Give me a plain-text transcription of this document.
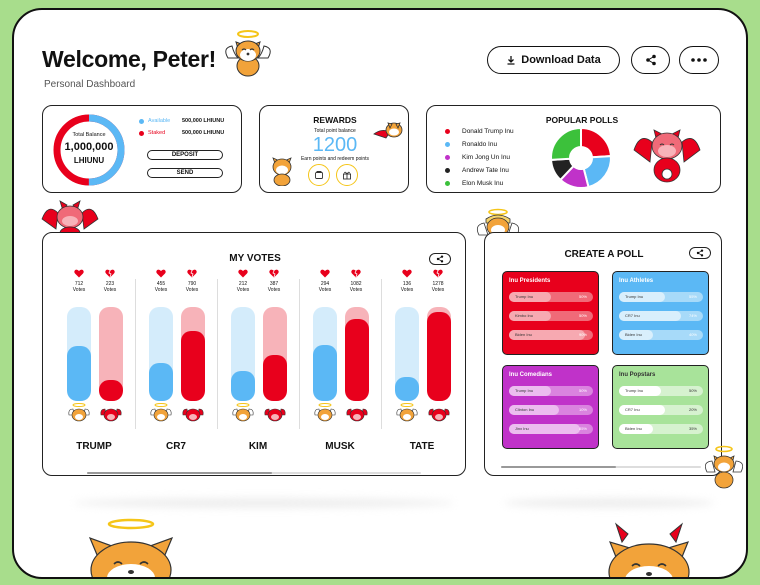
Welcome, Peter!
Personal Dashboard
Download Data
Total Balance
1,000,000
LHIUNU
Available	500,000 LHIUNU
Staked	500,000 LHIUNU
DEPOSIT
SEND
REWARDS
Total point balance
1200
Earn points and redeem points
POPULAR POLLS
Donald Trump Inu
Ronaldo Inu
Kim Jong Un Inu
Andrew Tate Inu
Elon Musk Inu
MY VOTES
712
Votes
223
Votes
TRUMP
455
Votes
790
Votes
CR7
212
Votes
387
Votes
KIM
294
Votes
1082
Votes
MUSK
136
Votes
1278
Votes
TATE
CREATE A POLL
Inu Presidents
Trump Inu	50%
Kimbo Inu	50%
Biden Inu	90%
Inu Athletes
Trump Inu	55%
CR7 Inu	74%
Biden Inu	40%
Inu Comedians
Trump Inu	50%
Clinton Inu	10%
Jinx Inu	85%
Inu Popstars
Trump Inu	50%
CR7 Inu	20%
Biden Inu	35%
